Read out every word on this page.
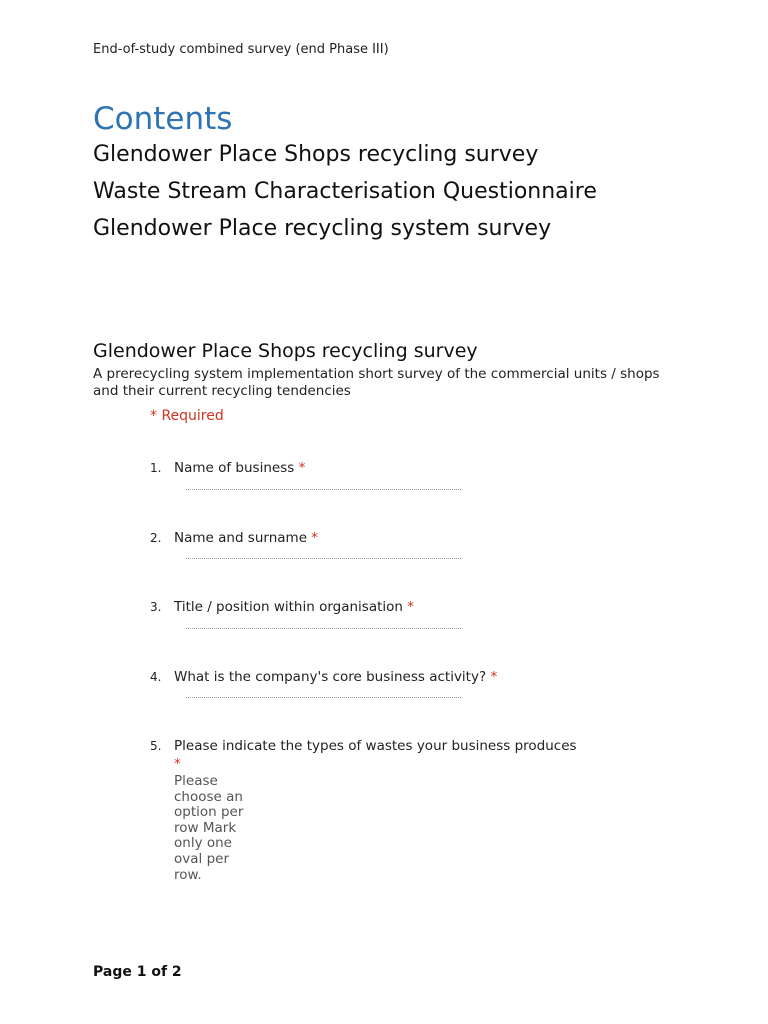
End-of-study combined survey (end Phase III)
Contents
Glendower Place Shops recycling survey
Waste Stream Characterisation Questionnaire
Glendower Place recycling system survey
Glendower Place Shops recycling survey
A prerecycling system implementation short survey of the commercial units / shops and their current recycling tendencies
* Required
1. Name of business *
2. Name and surname *
3. Title / position within organisation *
4. What is the company's core business activity? *
5. Please indicate the types of wastes your business produces
*
Please choose an option per row Mark only one oval per row.
Page 1 of 2
